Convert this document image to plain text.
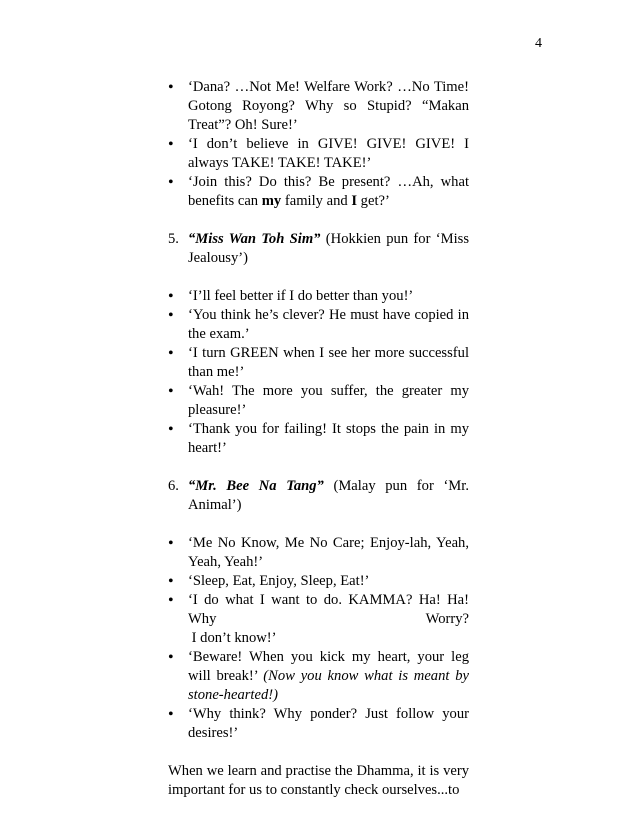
4
• ‘Dana? …Not Me! Welfare Work? …No Time! Gotong Royong? Why so Stupid? “Makan Treat”? Oh! Sure!’
• ‘I don’t believe in GIVE! GIVE! GIVE! I always TAKE! TAKE! TAKE!’
• ‘Join this? Do this? Be present? …Ah, what benefits can my family and I get?’

5. “Miss Wan Toh Sim” (Hokkien pun for ‘Miss Jealousy’)

• ‘I’ll feel better if I do better than you!’
• ‘You think he’s clever? He must have copied in the exam.’
• ‘I turn GREEN when I see her more successful than me!’
• ‘Wah! The more you suffer, the greater my pleasure!’
• ‘Thank you for failing! It stops the pain in my heart!’

6. “Mr. Bee Na Tang” (Malay pun for ‘Mr. Animal’)

• ‘Me No Know, Me No Care; Enjoy-lah, Yeah, Yeah, Yeah!’
• ‘Sleep, Eat, Enjoy, Sleep, Eat!’
• ‘I do what I want to do. KAMMA? Ha! Ha!
Why	Worry?
I don’t know!’
• ‘Beware! When you kick my heart, your leg will break!’ (Now you know what is meant by stone-hearted!)
• ‘Why think? Why ponder? Just follow your desires!’

When we learn and practise the Dhamma, it is very important for us to constantly check ourselves...to
